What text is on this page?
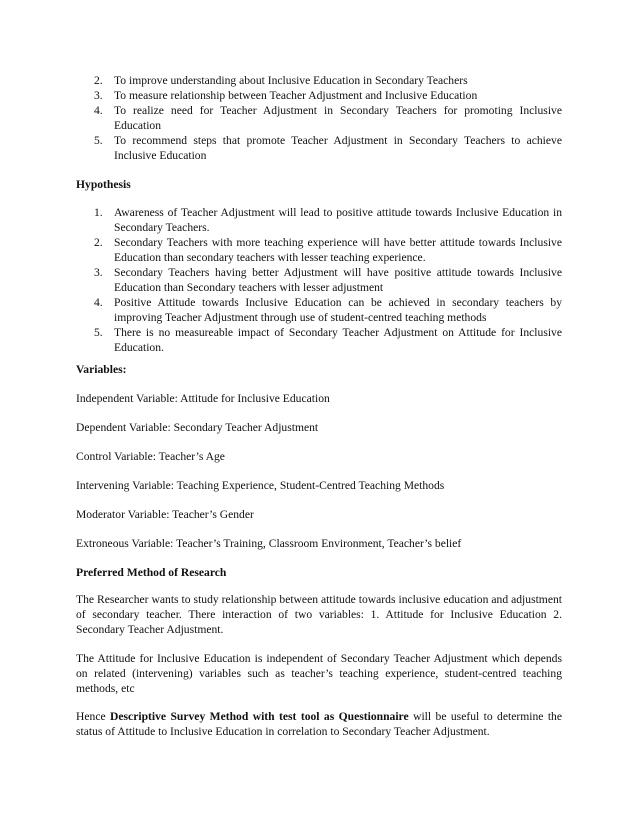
2. To improve understanding about Inclusive Education in Secondary Teachers
3. To measure relationship between Teacher Adjustment and Inclusive Education
4. To realize need for Teacher Adjustment in Secondary Teachers for promoting Inclusive Education
5. To recommend steps that promote Teacher Adjustment in Secondary Teachers to achieve Inclusive Education
Hypothesis
1. Awareness of Teacher Adjustment will lead to positive attitude towards Inclusive Education in Secondary Teachers.
2. Secondary Teachers with more teaching experience will have better attitude towards Inclusive Education than secondary teachers with lesser teaching experience.
3. Secondary Teachers having better Adjustment will have positive attitude towards Inclusive Education than Secondary teachers with lesser adjustment
4. Positive Attitude towards Inclusive Education can be achieved in secondary teachers by improving Teacher Adjustment through use of student-centred teaching methods
5. There is no measureable impact of Secondary Teacher Adjustment on Attitude for Inclusive Education.
Variables:

Independent Variable: Attitude for Inclusive Education

Dependent Variable: Secondary Teacher Adjustment

Control Variable: Teacher’s Age

Intervening Variable: Teaching Experience, Student-Centred Teaching Methods

Moderator Variable: Teacher’s Gender

Extroneous Variable: Teacher’s Training, Classroom Environment, Teacher’s belief

Preferred Method of Research

The Researcher wants to study relationship between attitude towards inclusive education and adjustment of secondary teacher. There interaction of two variables: 1. Attitude for Inclusive Education 2. Secondary Teacher Adjustment.

The Attitude for Inclusive Education is independent of Secondary Teacher Adjustment which depends on related (intervening) variables such as teacher’s teaching experience, student-centred teaching methods, etc

Hence Descriptive Survey Method with test tool as Questionnaire will be useful to determine the status of Attitude to Inclusive Education in correlation to Secondary Teacher Adjustment.
